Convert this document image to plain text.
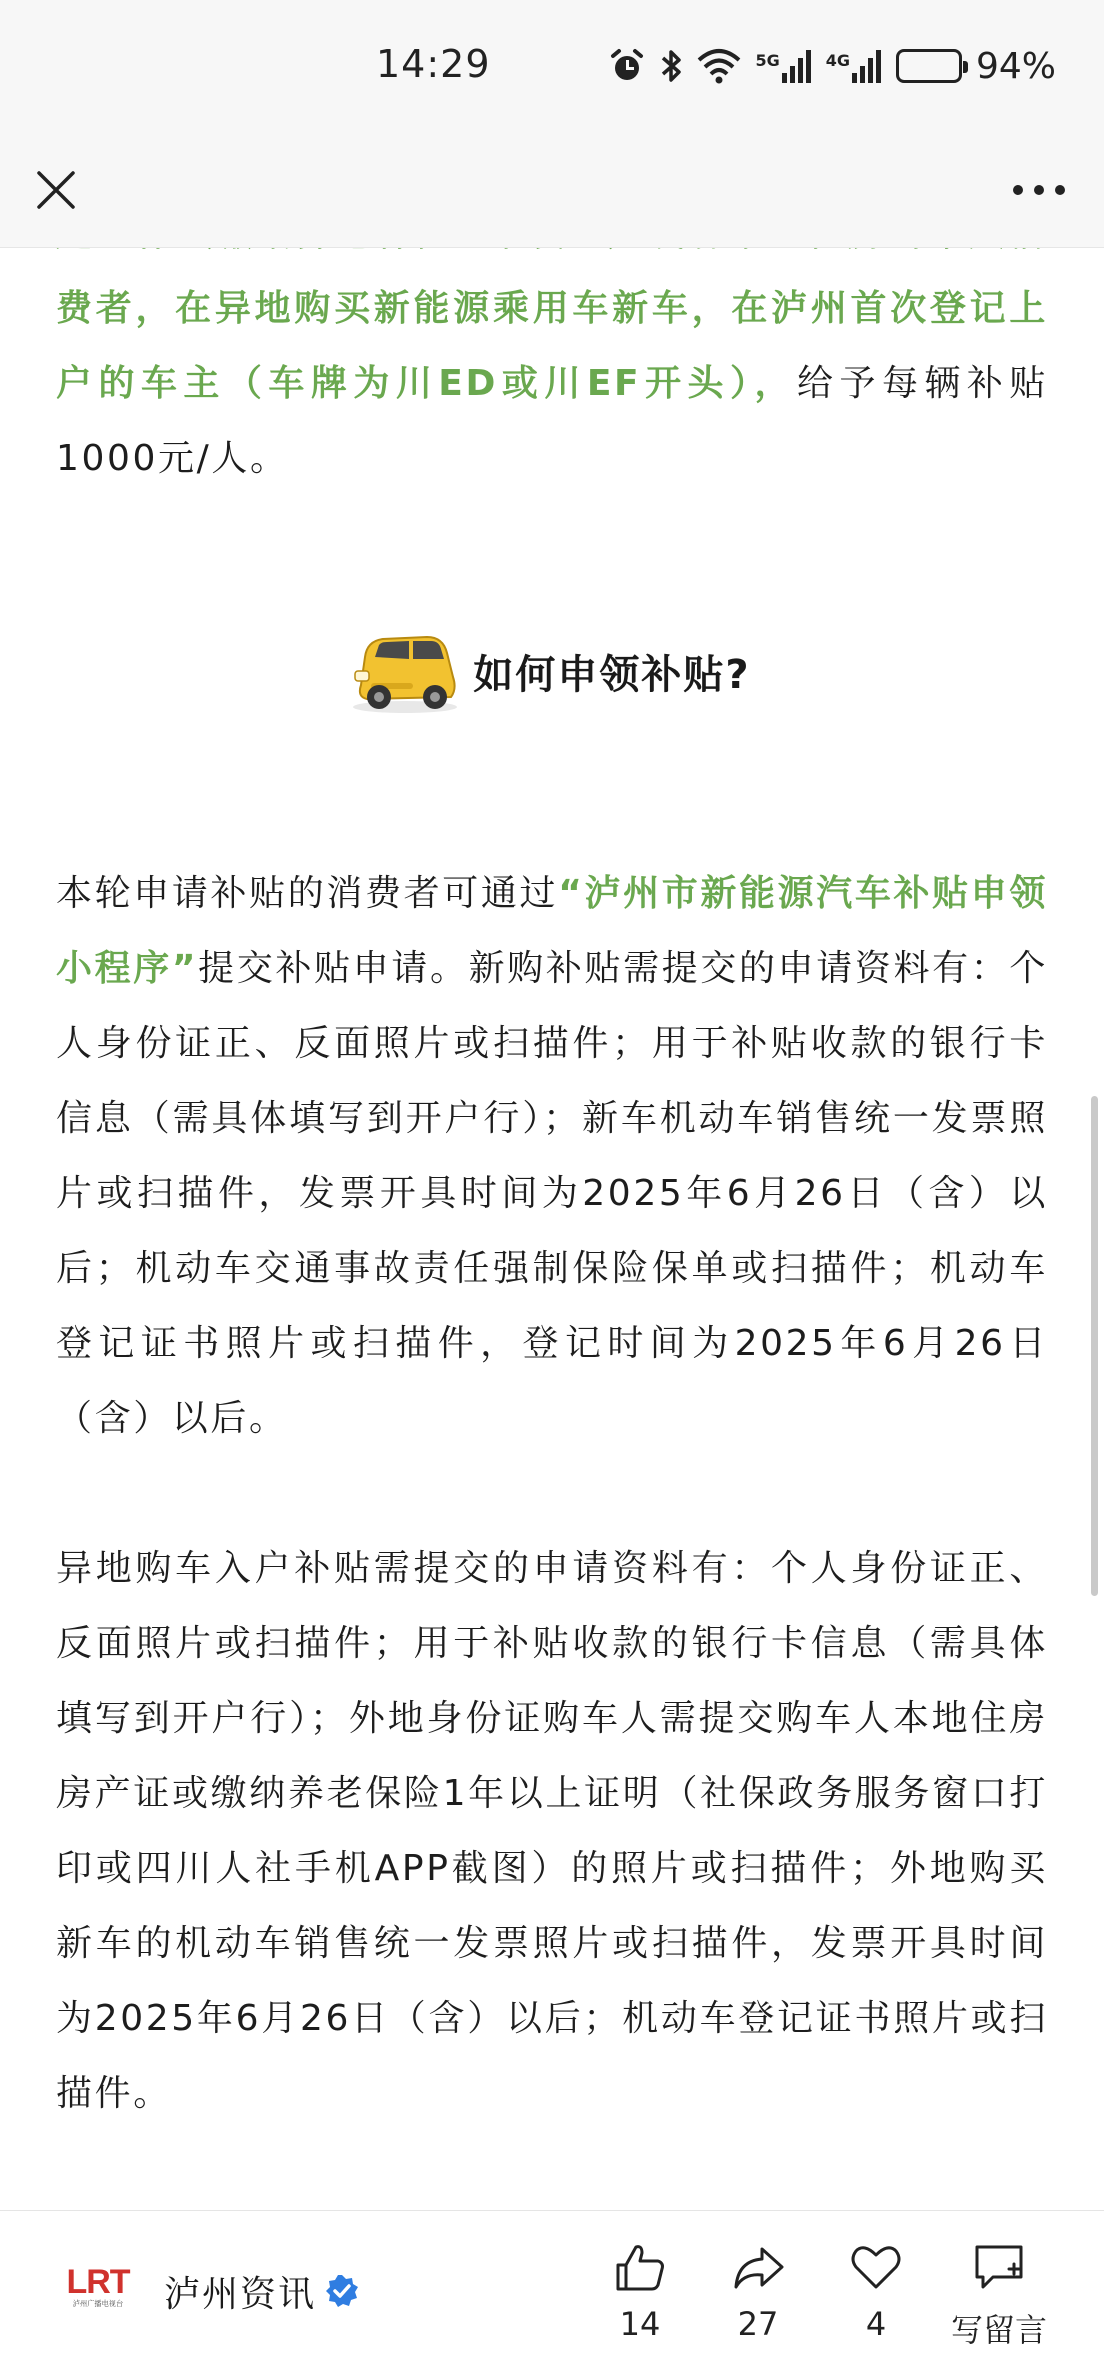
14:29	5G	4G	94%
费者，在异地购买新能源乘用车新车，在泸州首次登记上户的车主（车牌为川ED或川EF开头），给予每辆补贴1000元/人。
如何申领补贴?
本轮申请补贴的消费者可通过“泸州市新能源汽车补贴申领小程序”提交补贴申请。新购补贴需提交的申请资料有：个人身份证正、反面照片或扫描件；用于补贴收款的银行卡信息（需具体填写到开户行）；新车机动车销售统一发票照片或扫描件，发票开具时间为2025年6月26日（含）以后；机动车交通事故责任强制保险保单或扫描件；机动车登记证书照片或扫描件，登记时间为2025年6月26日（含）以后。
异地购车入户补贴需提交的申请资料有：个人身份证正、反面照片或扫描件；用于补贴收款的银行卡信息（需具体填写到开户行）；外地身份证购车人需提交购车人本地住房房产证或缴纳养老保险1年以上证明（社保政务服务窗口打印或四川人社手机APP截图）的照片或扫描件；外地购买新车的机动车销售统一发票照片或扫描件，发票开具时间为2025年6月26日（含）以后；机动车登记证书照片或扫描件。
LRT
泸州广播电视台 泸州资讯
14 27	4 写留言
